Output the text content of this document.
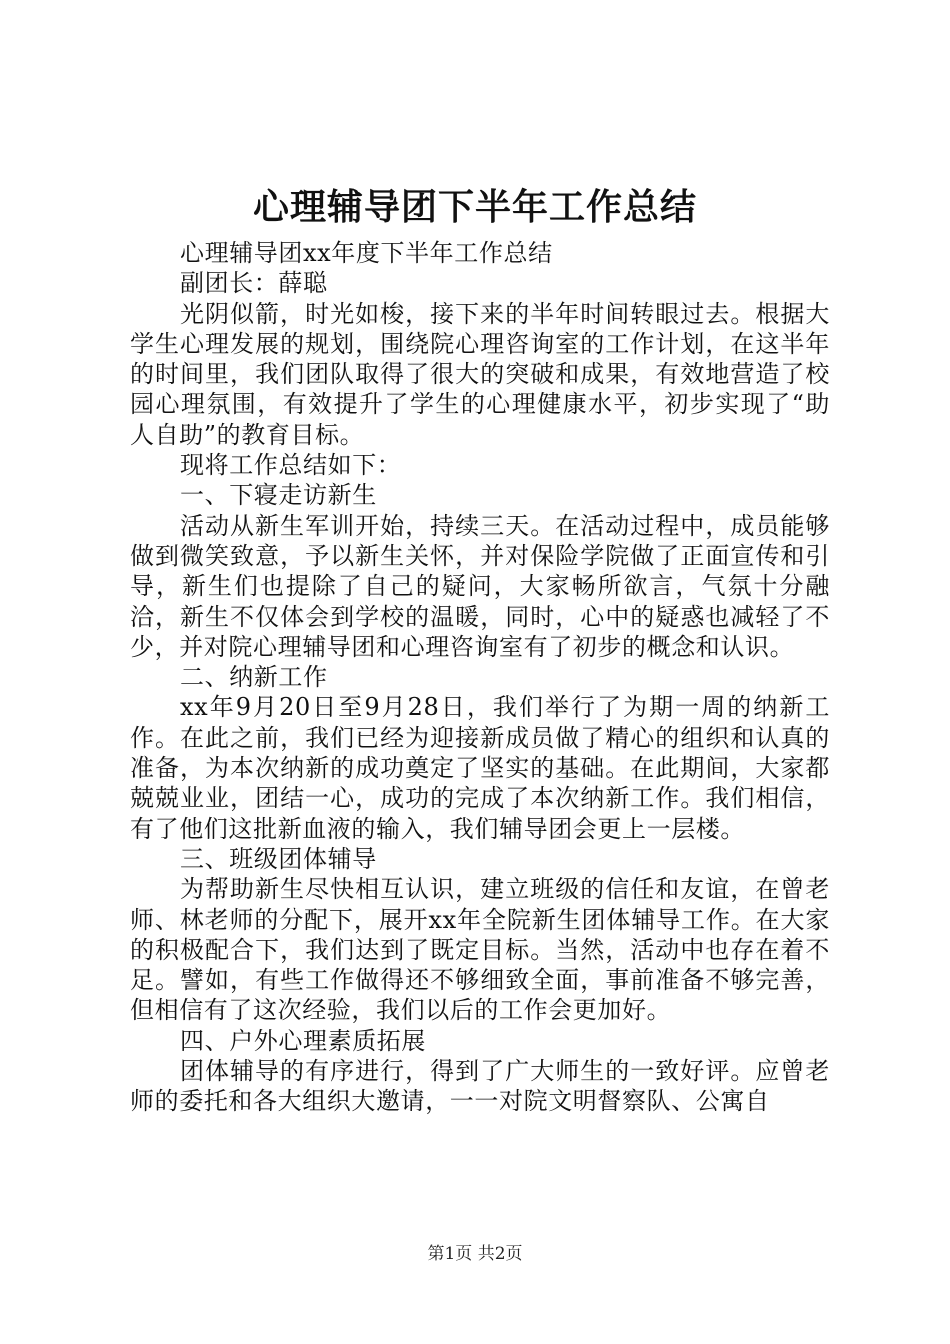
心理辅导团下半年工作总结

心理辅导团xx年度下半年工作总结

副团长：薛聪

光阴似箭，时光如梭，接下来的半年时间转眼过去。根据大学生心理发展的规划，围绕院心理咨询室的工作计划，在这半年的时间里，我们团队取得了很大的突破和成果，有效地营造了校园心理氛围，有效提升了学生的心理健康水平，初步实现了“助人自助”的教育目标。

现将工作总结如下：

一、下寝走访新生

活动从新生军训开始，持续三天。在活动过程中，成员能够做到微笑致意，予以新生关怀，并对保险学院做了正面宣传和引导，新生们也提除了自己的疑问，大家畅所欲言，气氛十分融洽，新生不仅体会到学校的温暖，同时，心中的疑惑也减轻了不少，并对院心理辅导团和心理咨询室有了初步的概念和认识。

二、纳新工作

xx年9月20日至9月28日，我们举行了为期一周的纳新工作。在此之前，我们已经为迎接新成员做了精心的组织和认真的准备，为本次纳新的成功奠定了坚实的基础。在此期间，大家都兢兢业业，团结一心，成功的完成了本次纳新工作。我们相信，有了他们这批新血液的输入，我们辅导团会更上一层楼。

三、班级团体辅导

为帮助新生尽快相互认识，建立班级的信任和友谊，在曾老师、林老师的分配下，展开xx年全院新生团体辅导工作。在大家的积极配合下，我们达到了既定目标。当然，活动中也存在着不足。譬如，有些工作做得还不够细致全面，事前准备不够完善，但相信有了这次经验，我们以后的工作会更加好。

四、户外心理素质拓展

团体辅导的有序进行，得到了广大师生的一致好评。应曾老师的委托和各大组织大邀请，一一对院文明督察队、公寓自

第1页 共2页
